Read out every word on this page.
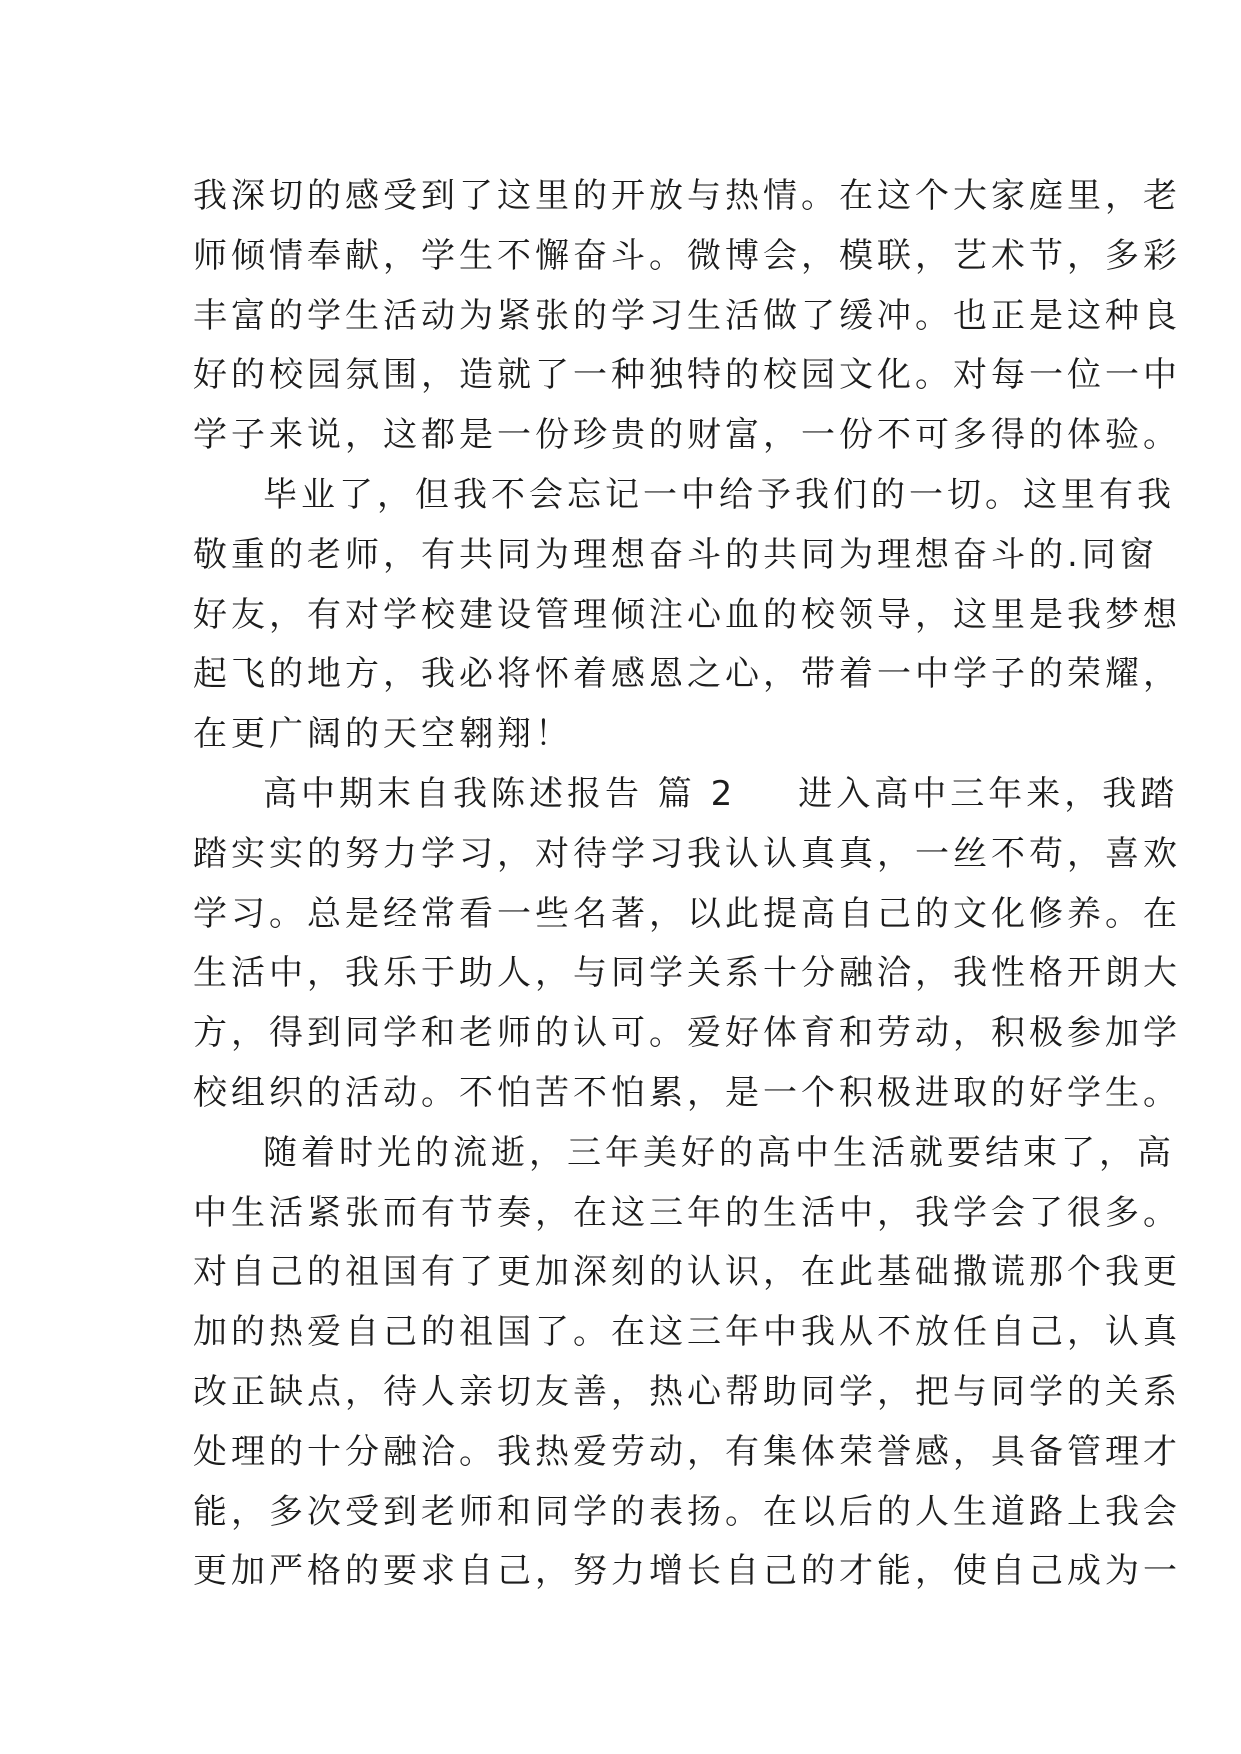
我深切的感受到了这里的开放与热情。在这个大家庭里，老
师倾情奉献，学生不懈奋斗。微博会，模联，艺术节，多彩
丰富的学生活动为紧张的学习生活做了缓冲。也正是这种良
好的校园氛围，造就了一种独特的校园文化。对每一位一中
学子来说，这都是一份珍贵的财富，一份不可多得的体验。
毕业了，但我不会忘记一中给予我们的一切。这里有我
敬重的老师，有共同为理想奋斗的共同为理想奋斗的.同窗
好友，有对学校建设管理倾注心血的校领导，这里是我梦想
起飞的地方，我必将怀着感恩之心，带着一中学子的荣耀，
在更广阔的天空翱翔！
高中期末自我陈述报告 篇 2 进入高中三年来，我踏
踏实实的努力学习，对待学习我认认真真，一丝不苟，喜欢
学习。总是经常看一些名著，以此提高自己的文化修养。在
生活中，我乐于助人，与同学关系十分融洽，我性格开朗大
方，得到同学和老师的认可。爱好体育和劳动，积极参加学
校组织的活动。不怕苦不怕累，是一个积极进取的好学生。
随着时光的流逝，三年美好的高中生活就要结束了，高
中生活紧张而有节奏，在这三年的生活中，我学会了很多。
对自己的祖国有了更加深刻的认识，在此基础撒谎那个我更
加的热爱自己的祖国了。在这三年中我从不放任自己，认真
改正缺点，待人亲切友善，热心帮助同学，把与同学的关系
处理的十分融洽。我热爱劳动，有集体荣誉感，具备管理才
能，多次受到老师和同学的表扬。在以后的人生道路上我会
更加严格的要求自己，努力增长自己的才能，使自己成为一
